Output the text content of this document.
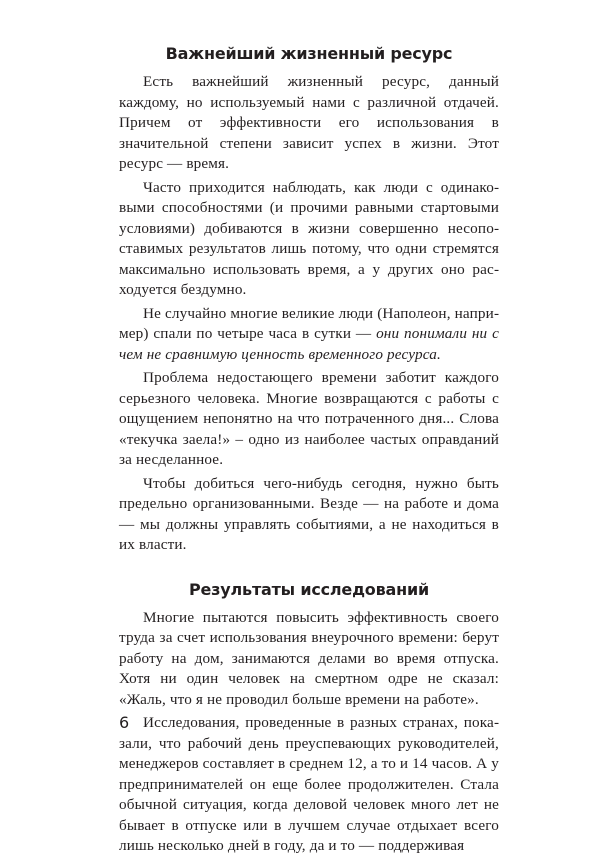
Важнейший жизненный ресурс

Есть важнейший жизненный ресурс, данный каждому, но используемый нами с различной отдачей. Причем от эффективности его использования в значительной степени зависит успех в жизни. Этот ресурс — время.

Часто приходится наблюдать, как люди с одинаковыми способностями (и прочими равными стартовыми условиями) добиваются в жизни совершенно несопоставимых результатов лишь потому, что одни стремятся максимально использовать время, а у других оно расходуется бездумно.

Не случайно многие великие люди (Наполеон, например) спали по четыре часа в сутки — они понимали ни с чем не сравнимую ценность временного ресурса.

Проблема недостающего времени заботит каждого серьезного человека. Многие возвращаются с работы с ощущением непонятно на что потраченного дня... Слова «текучка заела!» – одно из наиболее частых оправданий за несделанное.

Чтобы добиться чего-нибудь сегодня, нужно быть предельно организованными. Везде — на работе и дома — мы должны управлять событиями, а не находиться в их власти.

Результаты исследований

Многие пытаются повысить эффективность своего труда за счет использования внеурочного времени: берут работу на дом, занимаются делами во время отпуска. Хотя ни один человек на смертном одре не сказал: «Жаль, что я не проводил больше времени на работе».

Исследования, проведенные в разных странах, показали, что рабочий день преуспевающих руководителей, менеджеров составляет в среднем 12, а то и 14 часов. А у предпринимателей он еще более продолжителен. Стала обычной ситуация, когда деловой человек много лет не бывает в отпуске или в лучшем случае отдыхает всего лишь несколько дней в году, да и то — поддерживая

6
